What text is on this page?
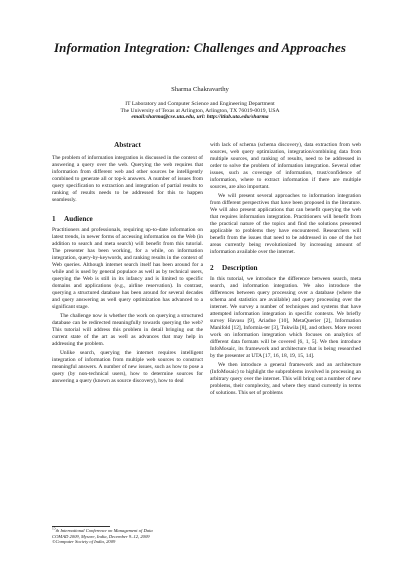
Information Integration: Challenges and Approaches
Sharma Chakravarthy
IT Laboratory and Computer Science and Engineering Department
The University of Texas at Arlington, Arlington, TX 76019-0019, USA
email:sharma@cse.uta.edu, url: http://itlab.uta.edu/sharma
Abstract

The problem of information integration is discussed in the context of answering a query over the web. Querying the web requires that information from different web and other sources be intelligently combined to generate all or top-k answers. A number of issues from query specification to extraction and integration of partial results to ranking of results needs to be addressed for this to happen seamlessly.

1 Audience

Practitioners and professionals, requiring up-to-date information on latest trends, in newer forms of accessing information on the Web (in addition to search and meta search) will benefit from this tutorial. The presenter has been working, for a while, on information integration, query-by-keywords, and ranking results in the context of Web queries. Although internet search itself has been around for a while and is used by general populace as well as by technical users, querying the Web is still in its infancy and is limited to specific domains and applications (e.g., airline reservation). In contrast, querying a structured database has been around for several decades and query answering as well query optimization has advanced to a significant stage.

The challenge now is whether the work on querying a structured database can be redirected meaningfully towards querying the web? This tutorial will address this problem in detail bringing out the current state of the art as well as advances that may help in addressing the problem.

Unlike search, querying the internet requires intelligent integration of information from multiple web sources to construct meaningful answers. A number of new issues, such as how to pose a query (by non-technical users), how to determine sources for answering a query (known as source discovery), how to deal

with lack of schema (schema discovery), data extraction from web sources, web query optimization, integration/combining data from multiple sources, and ranking of results, need to be addressed in order to solve the problem of information integration. Several other issues, such as coverage of information, trust/confidence of information, where to extract information if there are multiple sources, are also important.

We will present several approaches to information integration from different perspectives that have been proposed in the literature. We will also present applications that can benefit querying the web that requires information integration. Practitioners will benefit from the practical nature of the topics and find the solutions presented applicable to problems they have encountered. Researchers will benefit from the issues that need to be addressed in one of the hot areas currently being revolutionized by increasing amount of information available over the internet.

2 Description

In this tutorial, we introduce the difference between search, meta search, and information integration. We also introduce the differences between query processing over a database (where the schema and statistics are available) and query processing over the internet. We survey a number of techniques and systems that have attempted information integration in specific contexts. We briefly survey Havasu [9], Ariadne [10], MetaQuerier [2], Information Manifold [12], Informia-ter [3], Tukwila [8], and others. More recent work on information integration which focuses on analytics of different data formats will be covered [6, 1, 5]. We then introduce InfoMosaic, its framework and architecture that is being researched by the presenter at UTA [17, 16, 18, 19, 15, 14].

We then introduce a general framework and an architecture (InfoMosaic) to highlight the subproblems involved in processing an arbitrary query over the internet. This will bring out a number of new problems, their complexity, and where they stand currently in terms of solutions. This set of problems

$^{15}$th International Conference on Management of Data
COMAD 2009, Mysore, India, December 9–12, 2009
©Computer Society of India, 2009
